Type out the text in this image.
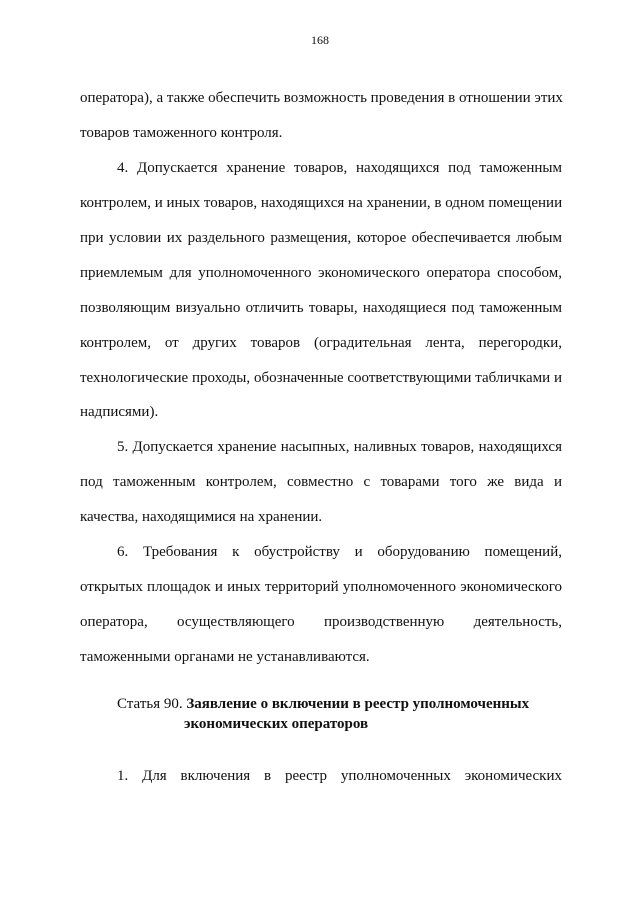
168
оператора), а также обеспечить возможность проведения в отношении этих
товаров таможенного контроля.
4. Допускается хранение товаров, находящихся под таможенным
контролем, и иных товаров, находящихся на хранении, в одном помещении
при условии их раздельного размещения, которое обеспечивается любым
приемлемым для уполномоченного экономического оператора способом,
позволяющим визуально отличить товары, находящиеся под таможенным
контролем, от других товаров (оградительная лента, перегородки,
технологические проходы, обозначенные соответствующими табличками и
надписями).
5. Допускается хранение насыпных, наливных товаров, находящихся
под таможенным контролем, совместно с товарами того же вида и
качества, находящимися на хранении.
6. Требования к обустройству и оборудованию помещений,
открытых площадок и иных территорий уполномоченного экономического
оператора, осуществляющего производственную деятельность,
таможенными органами не устанавливаются.
Статья 90. Заявление о включении в реестр уполномоченных
экономических операторов
1. Для включения в реестр уполномоченных экономических
